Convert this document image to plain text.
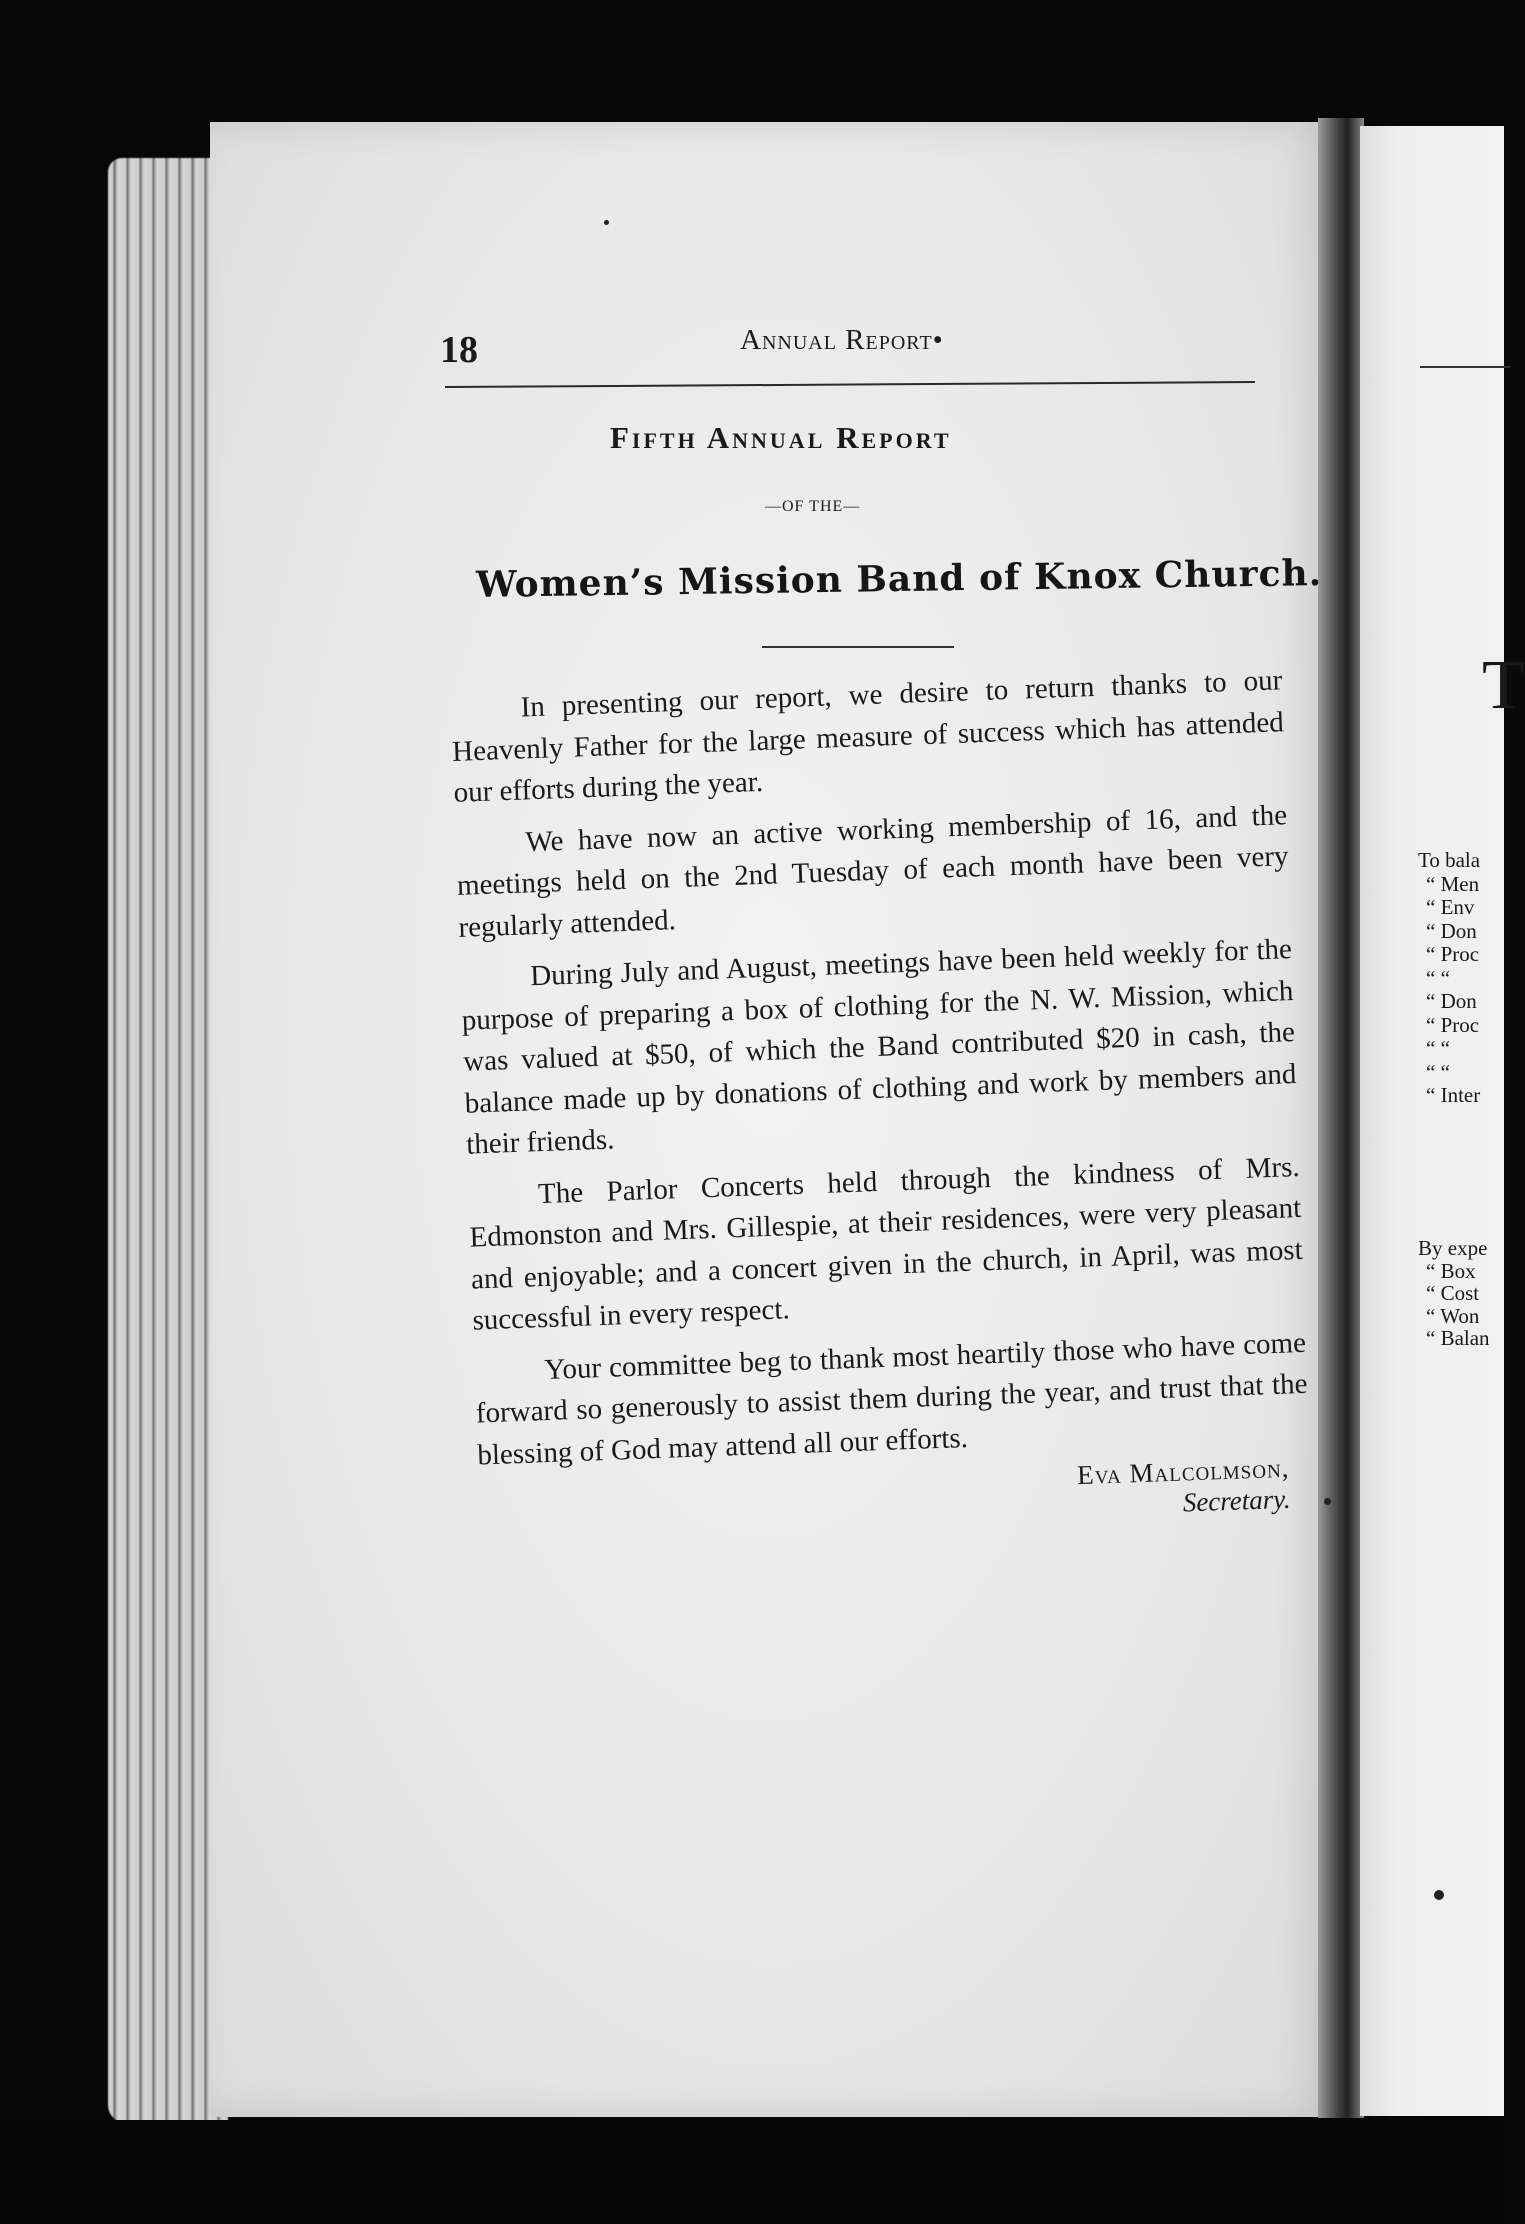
T
To bala
“ Men
“ Env
“ Don
“ Proc
“ “
“ Don
“ Proc
“ “
“ “
“ Inter
By expe
“ Box
“ Cost
“ Won
“ Balan
18	Annual Report•
Fifth Annual Report
—OF THE—
Women’s Mission Band of Knox Church.

In presenting our report, we desire to return thanks to our Heavenly Father for the large measure of success which has attended our efforts during the year.

We have now an active working membership of 16, and the meetings held on the 2nd Tuesday of each month have been very regularly attended.

During July and August, meetings have been held weekly for the purpose of preparing a box of clothing for the N. W. Mission, which was valued at $50, of which the Band contributed $20 in cash, the balance made up by donations of clothing and work by members and their friends.

The Parlor Concerts held through the kindness of Mrs. Edmonston and Mrs. Gillespie, at their residences, were very pleasant and enjoyable; and a concert given in the church, in April, was most successful in every respect.

Your committee beg to thank most heartily those who have come forward so generously to assist them during the year, and trust that the blessing of God may attend all our efforts.

Eva Malcolmson,
Secretary.
